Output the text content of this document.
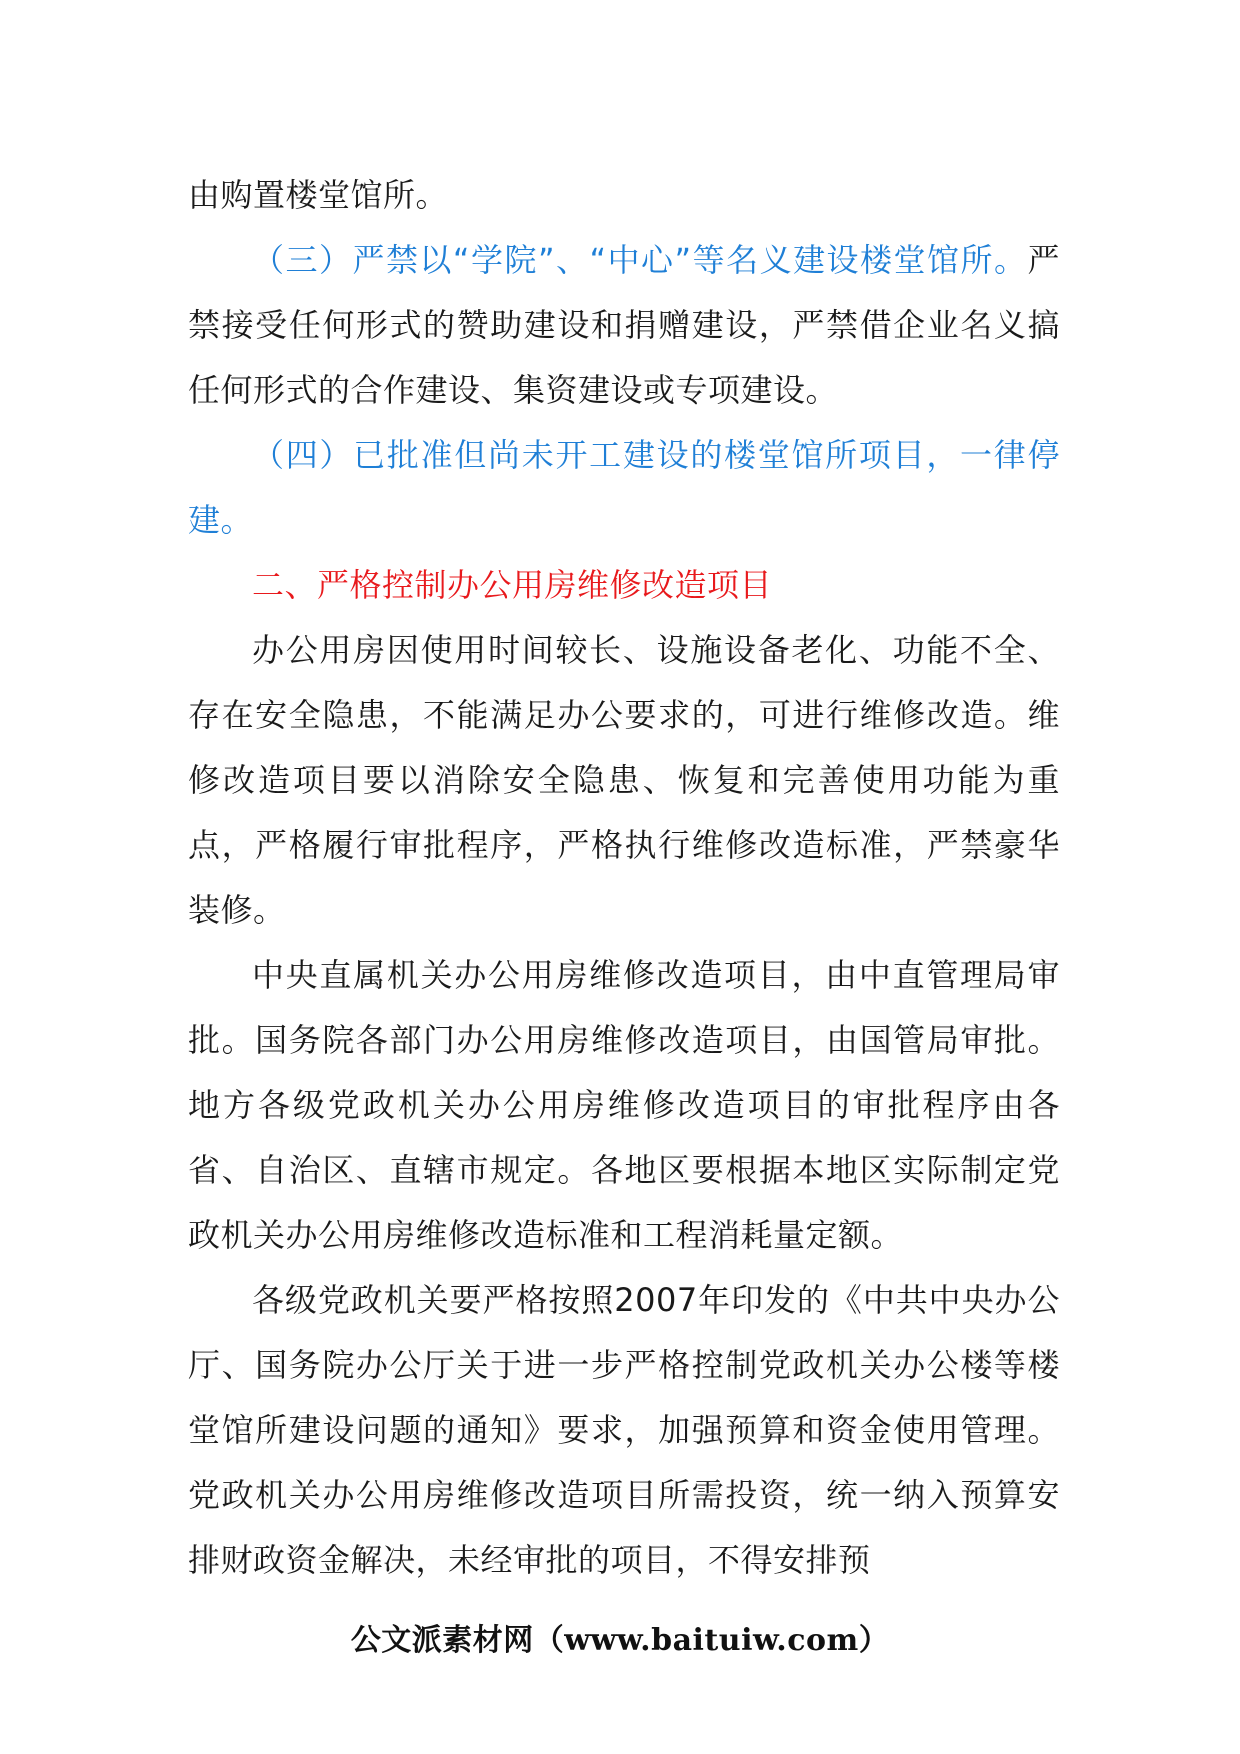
由购置楼堂馆所。

（三）严禁以“学院”、“中心”等名义建设楼堂馆所。严禁接受任何形式的赞助建设和捐赠建设，严禁借企业名义搞任何形式的合作建设、集资建设或专项建设。

（四）已批准但尚未开工建设的楼堂馆所项目，一律停建。

二、严格控制办公用房维修改造项目

办公用房因使用时间较长、设施设备老化、功能不全、存在安全隐患，不能满足办公要求的，可进行维修改造。维修改造项目要以消除安全隐患、恢复和完善使用功能为重点，严格履行审批程序，严格执行维修改造标准，严禁豪华装修。

中央直属机关办公用房维修改造项目，由中直管理局审批。国务院各部门办公用房维修改造项目，由国管局审批。地方各级党政机关办公用房维修改造项目的审批程序由各省、自治区、直辖市规定。各地区要根据本地区实际制定党政机关办公用房维修改造标准和工程消耗量定额。

各级党政机关要严格按照2007年印发的《中共中央办公厅、国务院办公厅关于进一步严格控制党政机关办公楼等楼堂馆所建设问题的通知》要求，加强预算和资金使用管理。党政机关办公用房维修改造项目所需投资，统一纳入预算安排财政资金解决，未经审批的项目，不得安排预

公文派素材网（www.baituiw.com）
